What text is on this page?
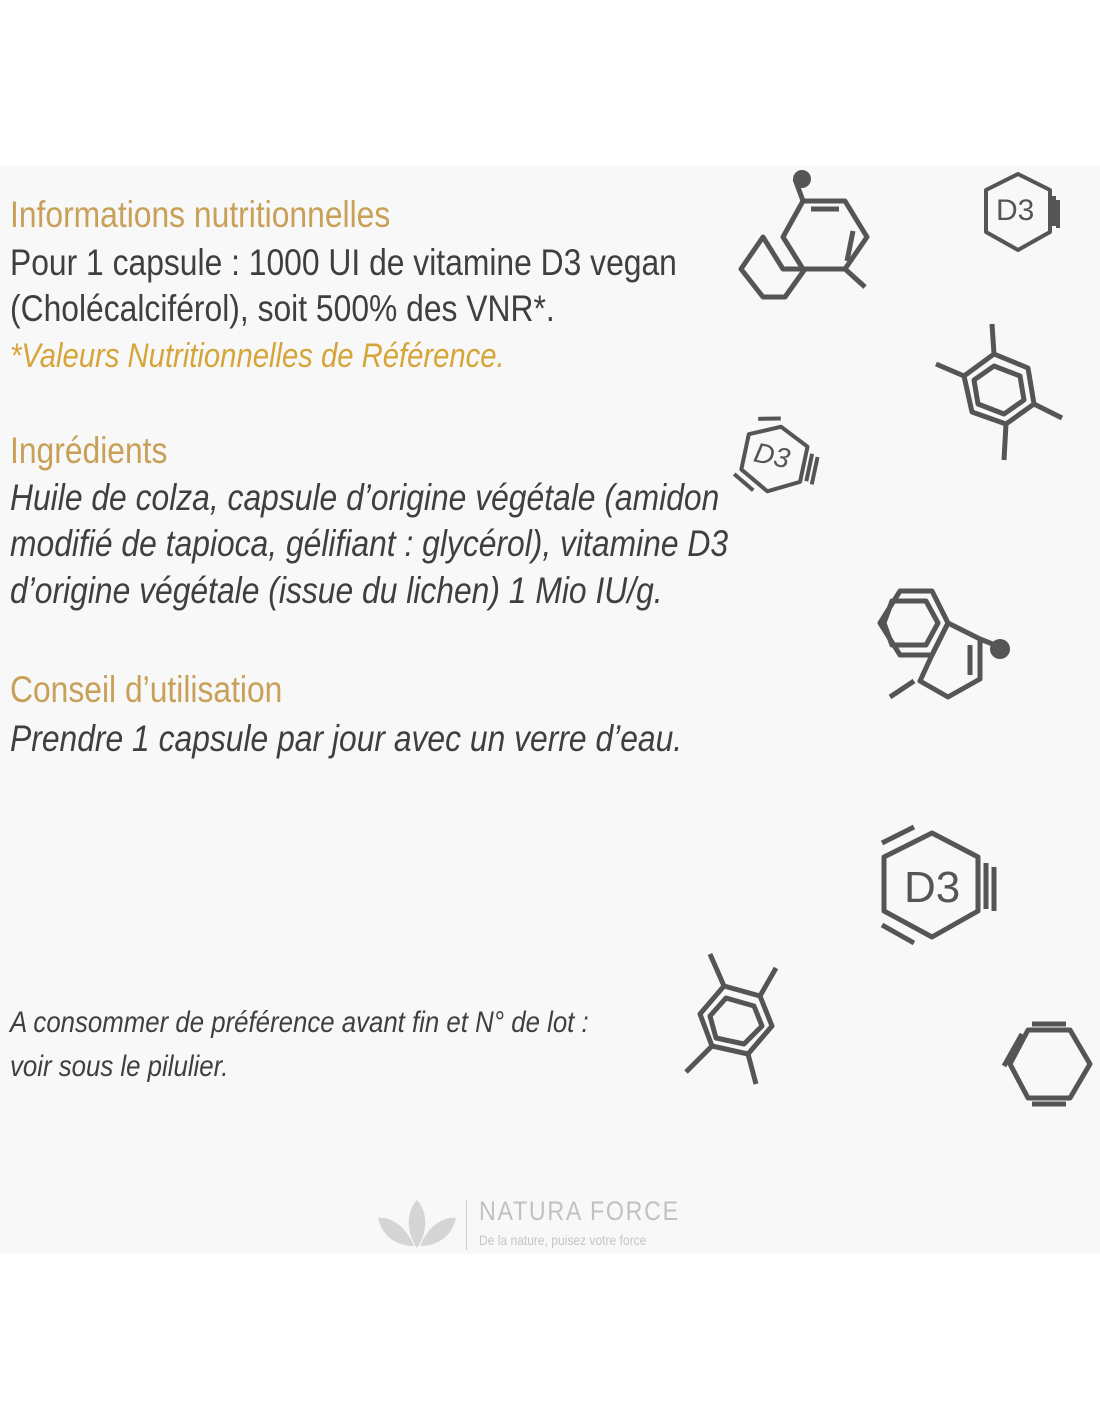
Informations nutritionnelles
Pour 1 capsule : 1000 UI de vitamine D3 vegan
(Cholécalciférol), soit 500% des VNR*.
*Valeurs Nutritionnelles de Référence.
Ingrédients
Huile de colza, capsule d’origine végétale (amidon
modifié de tapioca, gélifiant : glycérol), vitamine D3
d’origine végétale (issue du lichen) 1 Mio IU/g.
Conseil d’utilisation
Prendre 1 capsule par jour avec un verre d’eau.
A consommer de préférence avant fin et N° de lot :
voir sous le pilulier.
D3
D3
D3
NATURA FORCE
De la nature, puisez votre force
